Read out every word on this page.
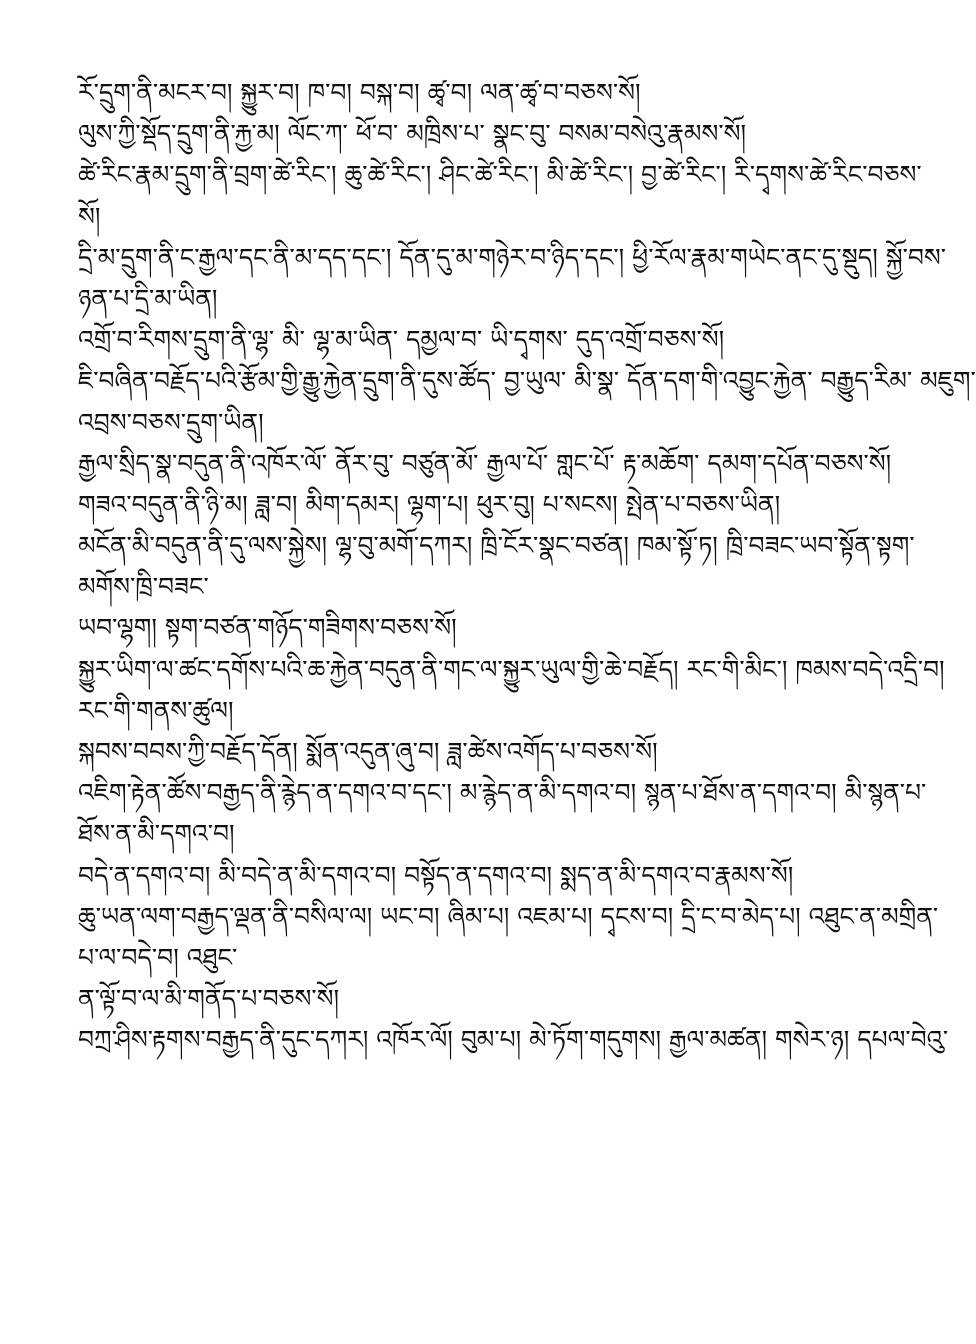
ཪོ་དྲུག་ནི་མངར་བ། སྐྱུར་བ། ཁ་བ། བསྐ་བ། ཚྭ་བ། ལན་ཚྭ་བ་བཅས་སོ།
ལུས་ཀྱི་སྡོད་དྲུག་ནི་རྐྱ་མ། ལོང་ཀ་ ཕོ་བ་ མཁྲིས་པ་ སྣང་བུ་ བསམ་བསེའུ་རྣམས་སོ།
ཚེ་རིང་རྣམ་དྲུག་ནི་བྲག་ཚེ་རིང་། ཆུ་ཚེ་རིང་། ཤིང་ཚེ་རིང་། མི་ཚེ་རིང་། བྱ་ཚེ་རིང་། རི་དྭགས་ཚེ་རིང་བཅས་
སོ།
དྲི་མ་དྲུག་ནི་ང་རྒྱལ་དང་ནི་མ་དད་དང་། དོན་དུ་མ་གཉེར་བ་ཉིད་དང་། ཕྱི་རོལ་རྣམ་གཡེང་ནང་དུ་སྡུད། སྐྱོ་བས་
ཉན་པ་དྲི་མ་ཡིན།
འགྲོ་བ་རིགས་དྲུག་ནི་ལྷ་ མི་ ལྷ་མ་ཡིན་ དམྱལ་བ་ ཡི་དྭགས་ དུད་འགྲོ་བཅས་སོ།
ཇི་བཞིན་བརྗོད་པའི་རྩོམ་གྱི་རྒྱུ་རྐྱེན་དྲུག་ནི་དུས་ཚོད་ བྱ་ཡུལ་ མི་སྣ་ དོན་དག་གི་འབྱུང་རྐྱེན་ བརྒྱུད་རིམ་ མཇུག་
འབྲས་བཅས་དྲུག་ཡིན།
རྒྱལ་སྲིད་སྣ་བདུན་ནི་འཁོར་ལོ་ ནོར་བུ་ བཙུན་མོ་ རྒྱལ་པོ་ གླང་པོ་ རྟ་མཆོག་ དམག་དཔོན་བཅས་སོ།
གཟའ་བདུན་ནི་ཉི་མ། ཟླ་བ། མིག་དམར། ལྷག་པ། ཕུར་བུ། པ་སངས། སྤེན་པ་བཅས་ཡིན།
མངོན་མི་བདུན་ནི་དུ་ལས་སྐྱེས། ལྷ་བུ་མགོ་དཀར། ཁྲི་ངོར་སྣང་བཙན། ཁམ་སྟོ་ཏ། ཁྲི་བཟང་ཡབ་སྟོན་སྟག་
མགོས་ཁྲི་བཟང་
ཡབ་ལྷག། སྟག་བཙན་གཉོད་གཟིགས་བཅས་སོ།
སྐྱུར་ཡིག་ལ་ཚང་དགོས་པའི་ཆ་རྐྱེན་བདུན་ནི་གང་ལ་སྐྱུར་ཡུལ་གྱི་ཆེ་བརྗོད། རང་གི་མིང་། ཁམས་བདེ་འདྲི་བ།
རང་གི་གནས་ཚུལ།
སྐབས་བབས་ཀྱི་བརྗོད་དོན། སྨོན་འདུན་ཞུ་བ། ཟླ་ཚེས་འགོད་པ་བཅས་སོ།
འཇིག་རྟེན་ཚོས་བརྒྱད་ནི་རྙེད་ན་དགའ་བ་དང་། མ་རྙེད་ན་མི་དགའ་བ། སྙན་པ་ཐོས་ན་དགའ་བ། མི་སྙན་པ་
ཐོས་ན་མི་དགའ་བ།
བདེ་ན་དགའ་བ། མི་བདེ་ན་མི་དགའ་བ། བསྟོད་ན་དགའ་བ། སྨད་ན་མི་དགའ་བ་རྣམས་སོ།
ཆུ་ཡན་ལག་བརྒྱད་ལྡན་ནི་བསིལ་ལ། ཡང་བ། ཞིམ་པ། འཇམ་པ། དྭངས་བ། དྲི་ང་བ་མེད་པ། འཐུང་ན་མགྲིན་
པ་ལ་བདེ་བ། འཐུང་
ན་ལྟོ་བ་ལ་མི་གནོད་པ་བཅས་སོ།
བཀྲ་ཤིས་རྟགས་བརྒྱད་ནི་དུང་དཀར། འཁོར་ལོ། བུམ་པ། མེ་ཏོག་གདུགས། རྒྱལ་མཚན། གསེར་ཉ། དཔལ་བེའུ་
